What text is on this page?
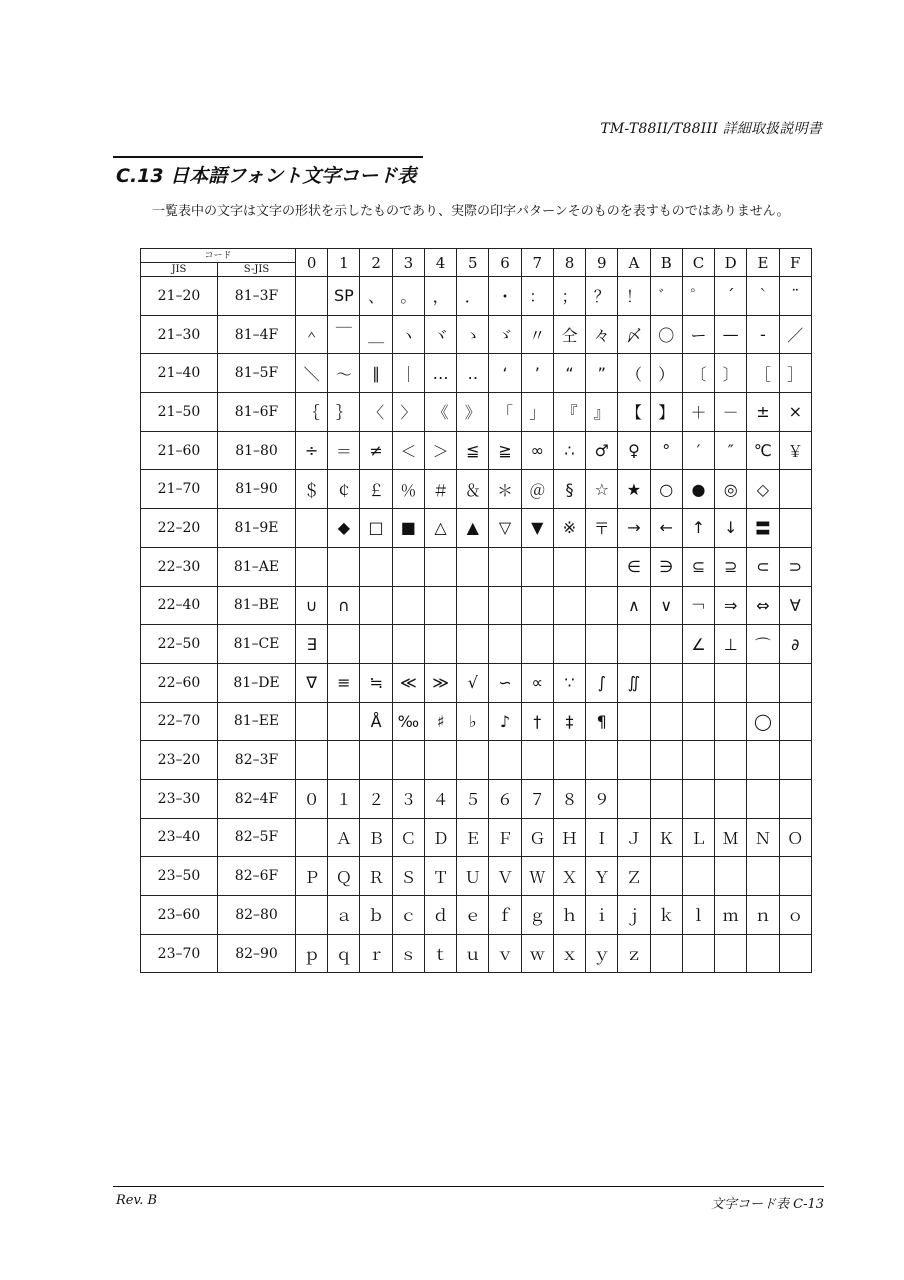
TM-T88II/T88III 詳細取扱説明書
C.13 日本語フォント文字コード表
一覧表中の文字は文字の形状を示したものであり、実際の印字パターンそのものを表すものではありません。
コード		0	1	2	3	4	5	6	7	8	9	A	B	C	D	E	F
JIS	S-JIS																
21–20	81–3F		SP	、	。	，	．	・	：	；	？	！	゛	゜	´	｀	¨
21–30	81–4F	＾	￣	＿	ヽ	ヾ	ゝ	ゞ	〃	仝	々	〆	〇	ー	—	‐	／
21–40	81–5F	＼	～	∥	｜	…	‥	‘	’	“	”	（	）	〔	〕	［	］
21–50	81–6F	｛	｝	〈	〉	《	》	「	」	『	』	【	】	＋	－	±	×
21–60	81–80	÷	＝	≠	＜	＞	≦	≧	∞	∴	♂	♀	°	′	″	℃	￥
21–70	81–90	＄	￠	￡	％	＃	＆	＊	＠	§	☆	★	○	●	◎	◇	
22–20	81–9E		◆	□	■	△	▲	▽	▼	※	〒	→	←	↑	↓	〓	
22–30	81–AE											∈	∋	⊆	⊇	⊂	⊃
22–40	81–BE	∪	∩									∧	∨	￢	⇒	⇔	∀
22–50	81–CE	∃												∠	⊥	⌒	∂
22–60	81–DE	∇	≡	≒	≪	≫	√	∽	∝	∵	∫	∬					
22–70	81–EE			Å	‰	♯	♭	♪	†	‡	¶					◯	
23–20	82–3F																
23–30	82–4F	０	１	２	３	４	５	６	７	８	９						
23–40	82–5F		Ａ	Ｂ	Ｃ	Ｄ	Ｅ	Ｆ	Ｇ	Ｈ	Ｉ	Ｊ	Ｋ	Ｌ	Ｍ	Ｎ	Ｏ
23–50	82–6F	Ｐ	Ｑ	Ｒ	Ｓ	Ｔ	Ｕ	Ｖ	Ｗ	Ｘ	Ｙ	Ｚ					
23–60	82–80		ａ	ｂ	ｃ	ｄ	ｅ	ｆ	ｇ	ｈ	ｉ	ｊ	ｋ	ｌ	ｍ	ｎ	ｏ
23–70	82–90	ｐ	ｑ	ｒ	ｓ	ｔ	ｕ	ｖ	ｗ	ｘ	ｙ	ｚ					
Rev. B	文字コード表 C-13
